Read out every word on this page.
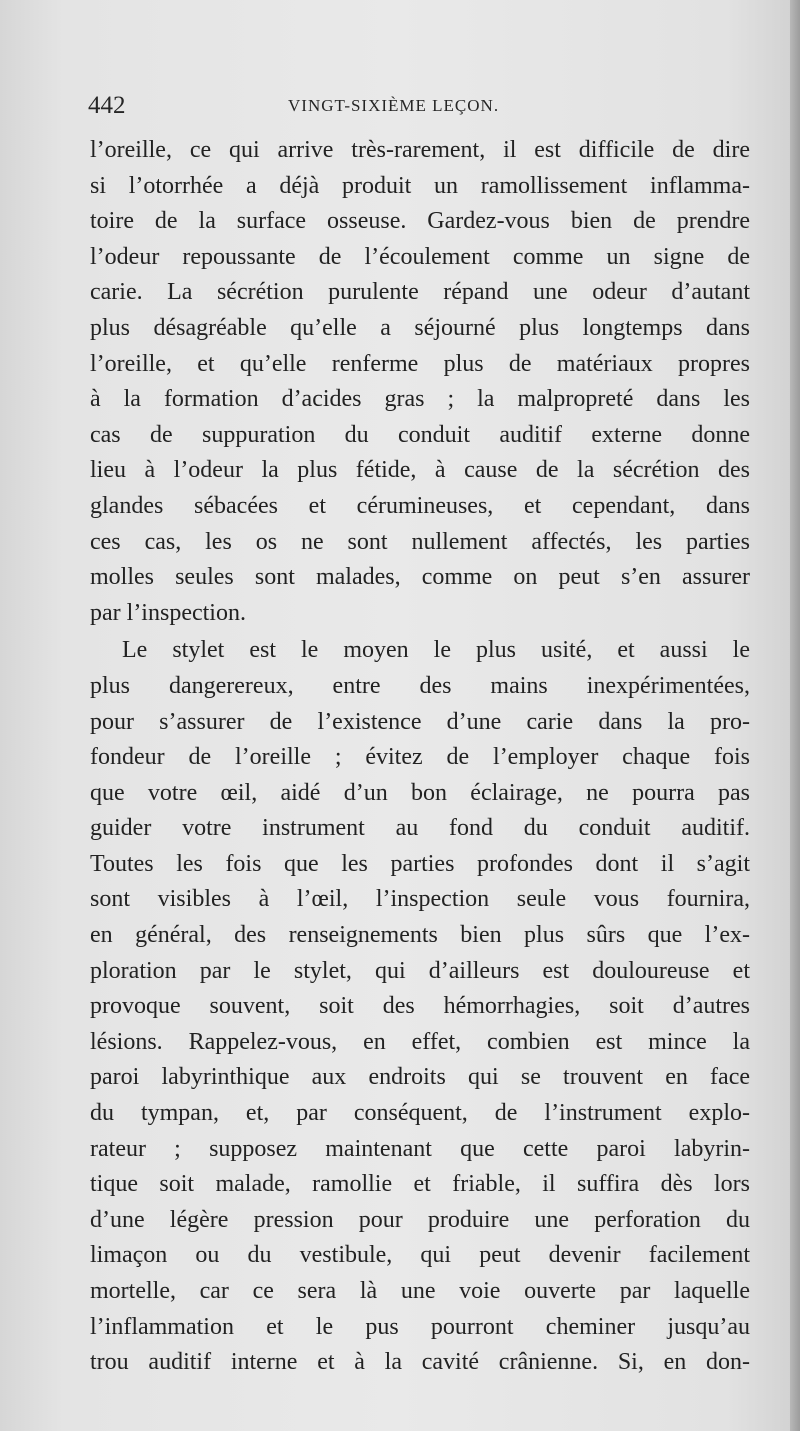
442	VINGT-SIXIÈME LEÇON.
l’oreille, ce qui arrive très-rarement, il est difficile de dire
si l’otorrhée a déjà produit un ramollissement inflamma-
toire de la surface osseuse. Gardez-vous bien de prendre
l’odeur repoussante de l’écoulement comme un signe de
carie. La sécrétion purulente répand une odeur d’autant
plus désagréable qu’elle a séjourné plus longtemps dans
l’oreille, et qu’elle renferme plus de matériaux propres
à la formation d’acides gras ; la malpropreté dans les
cas de suppuration du conduit auditif externe donne
lieu à l’odeur la plus fétide, à cause de la sécrétion des
glandes sébacées et cérumineuses, et cependant, dans
ces cas, les os ne sont nullement affectés, les parties
molles seules sont malades, comme on peut s’en assurer
par l’inspection.
Le stylet est le moyen le plus usité, et aussi le
plus dangerereux, entre des mains inexpérimentées,
pour s’assurer de l’existence d’une carie dans la pro-
fondeur de l’oreille ; évitez de l’employer chaque fois
que votre œil, aidé d’un bon éclairage, ne pourra pas
guider votre instrument au fond du conduit auditif.
Toutes les fois que les parties profondes dont il s’agit
sont visibles à l’œil, l’inspection seule vous fournira,
en général, des renseignements bien plus sûrs que l’ex-
ploration par le stylet, qui d’ailleurs est douloureuse et
provoque souvent, soit des hémorrhagies, soit d’autres
lésions. Rappelez-vous, en effet, combien est mince la
paroi labyrinthique aux endroits qui se trouvent en face
du tympan, et, par conséquent, de l’instrument explo-
rateur ; supposez maintenant que cette paroi labyrin-
tique soit malade, ramollie et friable, il suffira dès lors
d’une légère pression pour produire une perforation du
limaçon ou du vestibule, qui peut devenir facilement
mortelle, car ce sera là une voie ouverte par laquelle
l’inflammation et le pus pourront cheminer jusqu’au
trou auditif interne et à la cavité crânienne. Si, en don-
